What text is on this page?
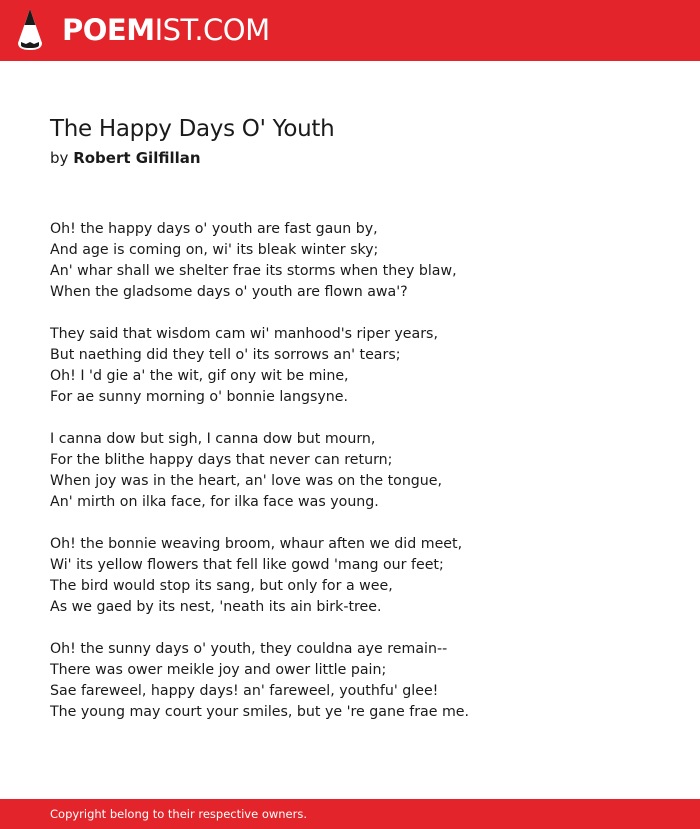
POEMIST.COM
The Happy Days O' Youth
by Robert Gilfillan
Oh! the happy days o' youth are fast gaun by,
And age is coming on, wi' its bleak winter sky;
An' whar shall we shelter frae its storms when they blaw,
When the gladsome days o' youth are flown awa'?
They said that wisdom cam wi' manhood's riper years,
But naething did they tell o' its sorrows an' tears;
Oh! I 'd gie a' the wit, gif ony wit be mine,
For ae sunny morning o' bonnie langsyne.
I canna dow but sigh, I canna dow but mourn,
For the blithe happy days that never can return;
When joy was in the heart, an' love was on the tongue,
An' mirth on ilka face, for ilka face was young.
Oh! the bonnie weaving broom, whaur aften we did meet,
Wi' its yellow flowers that fell like gowd 'mang our feet;
The bird would stop its sang, but only for a wee,
As we gaed by its nest, 'neath its ain birk-tree.
Oh! the sunny days o' youth, they couldna aye remain--
There was ower meikle joy and ower little pain;
Sae fareweel, happy days! an' fareweel, youthfu' glee!
The young may court your smiles, but ye 're gane frae me.
Copyright belong to their respective owners.
